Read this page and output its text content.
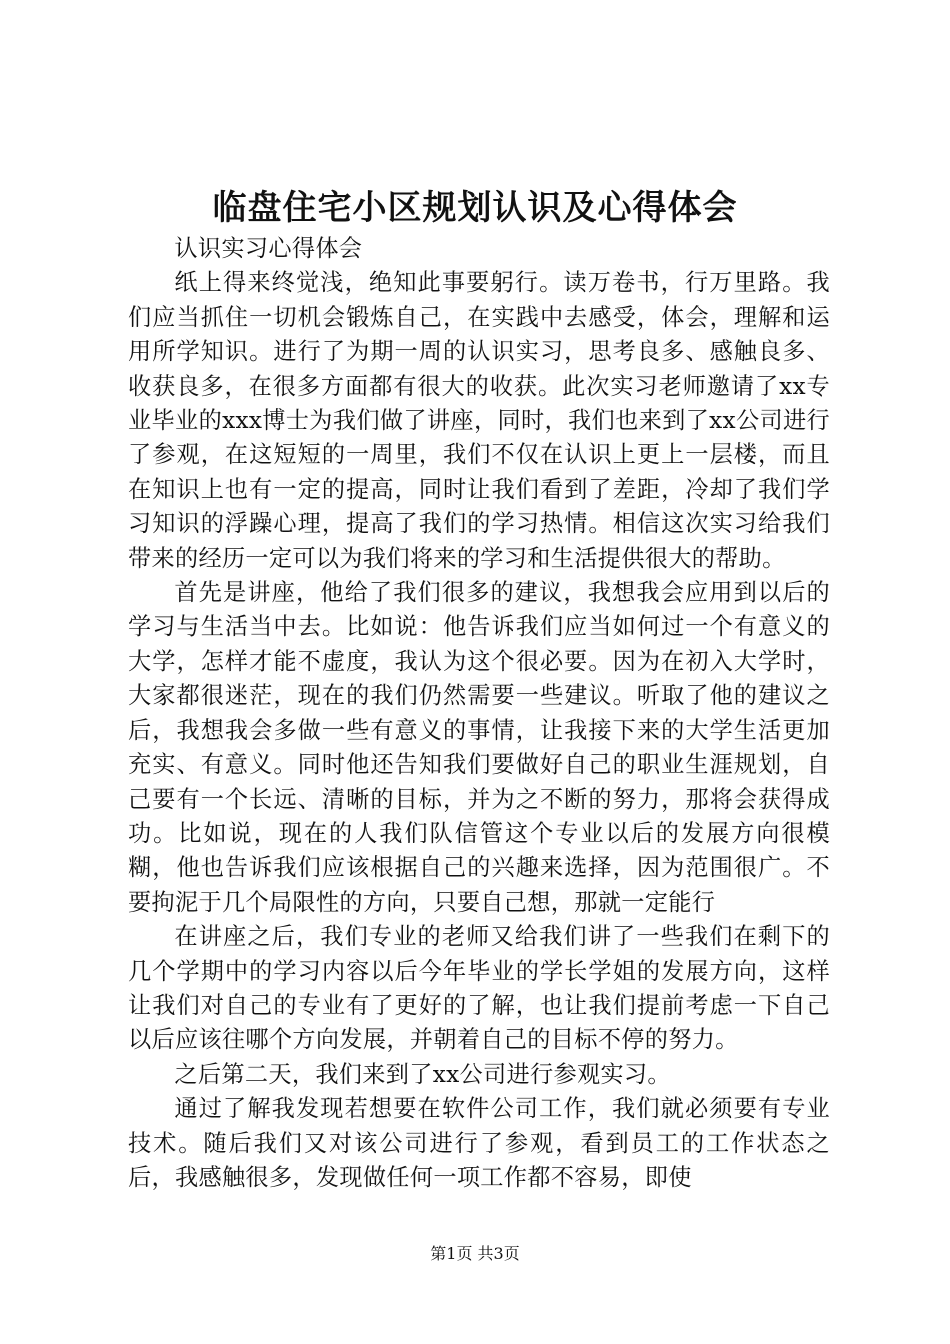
临盘住宅小区规划认识及心得体会

认识实习心得体会

纸上得来终觉浅，绝知此事要躬行。读万卷书，行万里路。我们应当抓住一切机会锻炼自己，在实践中去感受，体会，理解和运用所学知识。进行了为期一周的认识实习，思考良多、感触良多、收获良多，在很多方面都有很大的收获。此次实习老师邀请了xx专业毕业的xxx博士为我们做了讲座，同时，我们也来到了xx公司进行了参观，在这短短的一周里，我们不仅在认识上更上一层楼，而且在知识上也有一定的提高，同时让我们看到了差距，冷却了我们学习知识的浮躁心理，提高了我们的学习热情。相信这次实习给我们带来的经历一定可以为我们将来的学习和生活提供很大的帮助。

首先是讲座，他给了我们很多的建议，我想我会应用到以后的学习与生活当中去。比如说：他告诉我们应当如何过一个有意义的大学，怎样才能不虚度，我认为这个很必要。因为在初入大学时，大家都很迷茫，现在的我们仍然需要一些建议。听取了他的建议之后，我想我会多做一些有意义的事情，让我接下来的大学生活更加充实、有意义。同时他还告知我们要做好自己的职业生涯规划，自己要有一个长远、清晰的目标，并为之不断的努力，那将会获得成功。比如说，现在的人我们队信管这个专业以后的发展方向很模糊，他也告诉我们应该根据自己的兴趣来选择，因为范围很广。不要拘泥于几个局限性的方向，只要自己想，那就一定能行

在讲座之后，我们专业的老师又给我们讲了一些我们在剩下的几个学期中的学习内容以后今年毕业的学长学姐的发展方向，这样让我们对自己的专业有了更好的了解，也让我们提前考虑一下自己以后应该往哪个方向发展，并朝着自己的目标不停的努力。

之后第二天，我们来到了xx公司进行参观实习。

通过了解我发现若想要在软件公司工作，我们就必须要有专业技术。随后我们又对该公司进行了参观，看到员工的工作状态之后，我感触很多，发现做任何一项工作都不容易，即使

第1页 共3页
